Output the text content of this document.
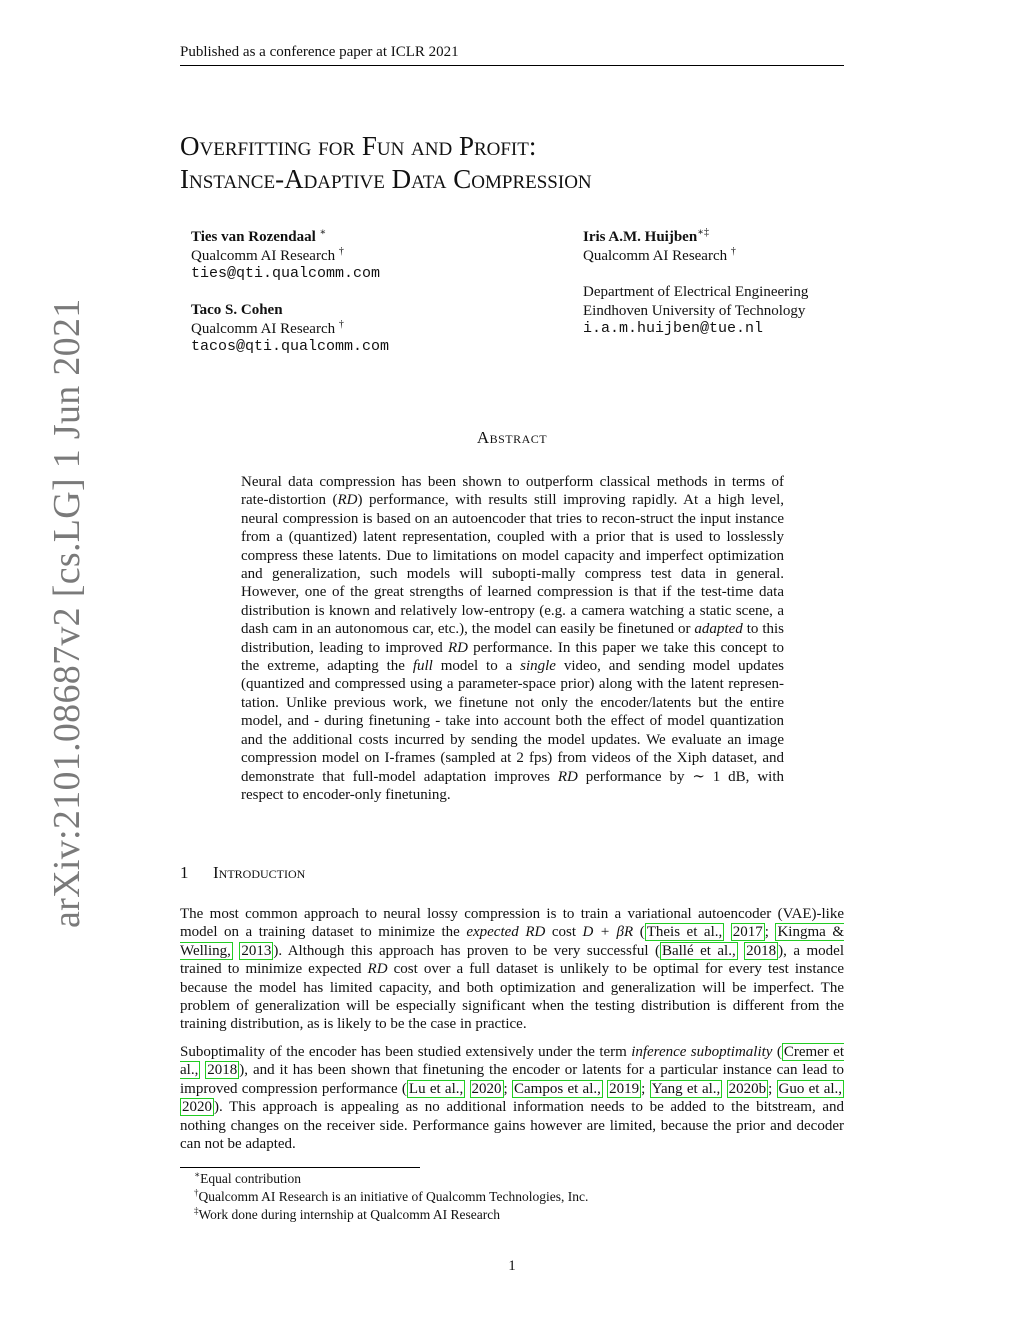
Published as a conference paper at ICLR 2021
arXiv:2101.08687v2 [cs.LG] 1 Jun 2021
Overfitting for Fun and Profit:
Instance-Adaptive Data Compression
Ties van Rozendaal ∗
Qualcomm AI Research †
ties@qti.qualcomm.com
Taco S. Cohen
Qualcomm AI Research †
tacos@qti.qualcomm.com
Iris A.M. Huijben∗‡
Qualcomm AI Research †
Department of Electrical Engineering
Eindhoven University of Technology
i.a.m.huijben@tue.nl
Abstract
Neural data compression has been shown to outperform classical methods in terms of rate-distortion (RD) performance, with results still improving rapidly. At a high level, neural compression is based on an autoencoder that tries to recon-struct the input instance from a (quantized) latent representation, coupled with a prior that is used to losslessly compress these latents. Due to limitations on model capacity and imperfect optimization and generalization, such models will subopti-mally compress test data in general. However, one of the great strengths of learned compression is that if the test-time data distribution is known and relatively low-entropy (e.g. a camera watching a static scene, a dash cam in an autonomous car, etc.), the model can easily be finetuned or adapted to this distribution, leading to improved RD performance. In this paper we take this concept to the extreme, adapting the full model to a single video, and sending model updates (quantized and compressed using a parameter-space prior) along with the latent represen-tation. Unlike previous work, we finetune not only the encoder/latents but the entire model, and - during finetuning - take into account both the effect of model quantization and the additional costs incurred by sending the model updates. We evaluate an image compression model on I-frames (sampled at 2 fps) from videos of the Xiph dataset, and demonstrate that full-model adaptation improves RD performance by ∼ 1 dB, with respect to encoder-only finetuning.
1 Introduction
The most common approach to neural lossy compression is to train a variational autoencoder (VAE)-like model on a training dataset to minimize the expected RD cost D + βR ( Theis et al., 2017 ; Kingma & Welling, 2013 ). Although this approach has proven to be very successful ( Ballé et al., 2018 ), a model trained to minimize expected RD cost over a full dataset is unlikely to be optimal for every test instance because the model has limited capacity, and both optimization and generalization will be imperfect. The problem of generalization will be especially significant when the testing distribution is different from the training distribution, as is likely to be the case in practice.
Suboptimality of the encoder has been studied extensively under the term inference suboptimality ( Cremer et al., 2018 ), and it has been shown that finetuning the encoder or latents for a particular instance can lead to improved compression performance ( Lu et al., 2020 ; Campos et al., 2019 ; Yang et al., 2020b ; Guo et al., 2020 ). This approach is appealing as no additional information needs to be added to the bitstream, and nothing changes on the receiver side. Performance gains however are limited, because the prior and decoder can not be adapted.
∗Equal contribution
†Qualcomm AI Research is an initiative of Qualcomm Technologies, Inc.
‡Work done during internship at Qualcomm AI Research
1
